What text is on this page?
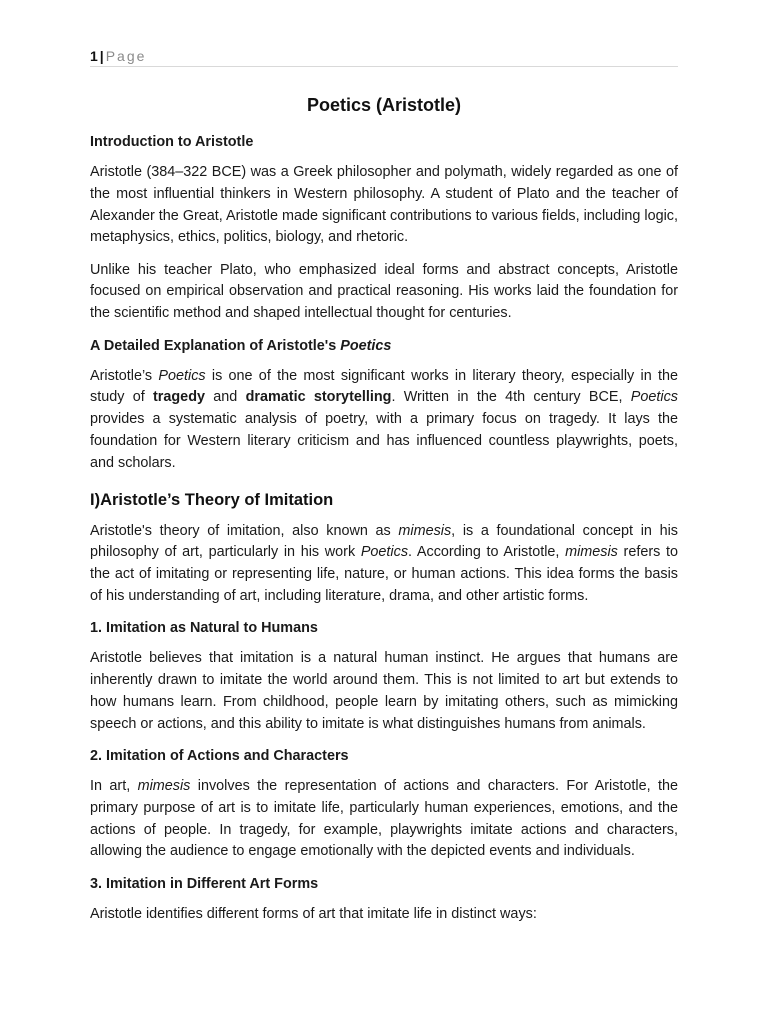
1 | Page
Poetics (Aristotle)
Introduction to Aristotle

Aristotle (384–322 BCE) was a Greek philosopher and polymath, widely regarded as one of the most influential thinkers in Western philosophy. A student of Plato and the teacher of Alexander the Great, Aristotle made significant contributions to various fields, including logic, metaphysics, ethics, politics, biology, and rhetoric.

Unlike his teacher Plato, who emphasized ideal forms and abstract concepts, Aristotle focused on empirical observation and practical reasoning. His works laid the foundation for the scientific method and shaped intellectual thought for centuries.

A Detailed Explanation of Aristotle's Poetics

Aristotle’s Poetics is one of the most significant works in literary theory, especially in the study of tragedy and dramatic storytelling. Written in the 4th century BCE, Poetics provides a systematic analysis of poetry, with a primary focus on tragedy. It lays the foundation for Western literary criticism and has influenced countless playwrights, poets, and scholars.

I)Aristotle’s Theory of Imitation

Aristotle's theory of imitation, also known as mimesis, is a foundational concept in his philosophy of art, particularly in his work Poetics. According to Aristotle, mimesis refers to the act of imitating or representing life, nature, or human actions. This idea forms the basis of his understanding of art, including literature, drama, and other artistic forms.

1. Imitation as Natural to Humans

Aristotle believes that imitation is a natural human instinct. He argues that humans are inherently drawn to imitate the world around them. This is not limited to art but extends to how humans learn. From childhood, people learn by imitating others, such as mimicking speech or actions, and this ability to imitate is what distinguishes humans from animals.

2. Imitation of Actions and Characters

In art, mimesis involves the representation of actions and characters. For Aristotle, the primary purpose of art is to imitate life, particularly human experiences, emotions, and the actions of people. In tragedy, for example, playwrights imitate actions and characters, allowing the audience to engage emotionally with the depicted events and individuals.

3. Imitation in Different Art Forms

Aristotle identifies different forms of art that imitate life in distinct ways:
